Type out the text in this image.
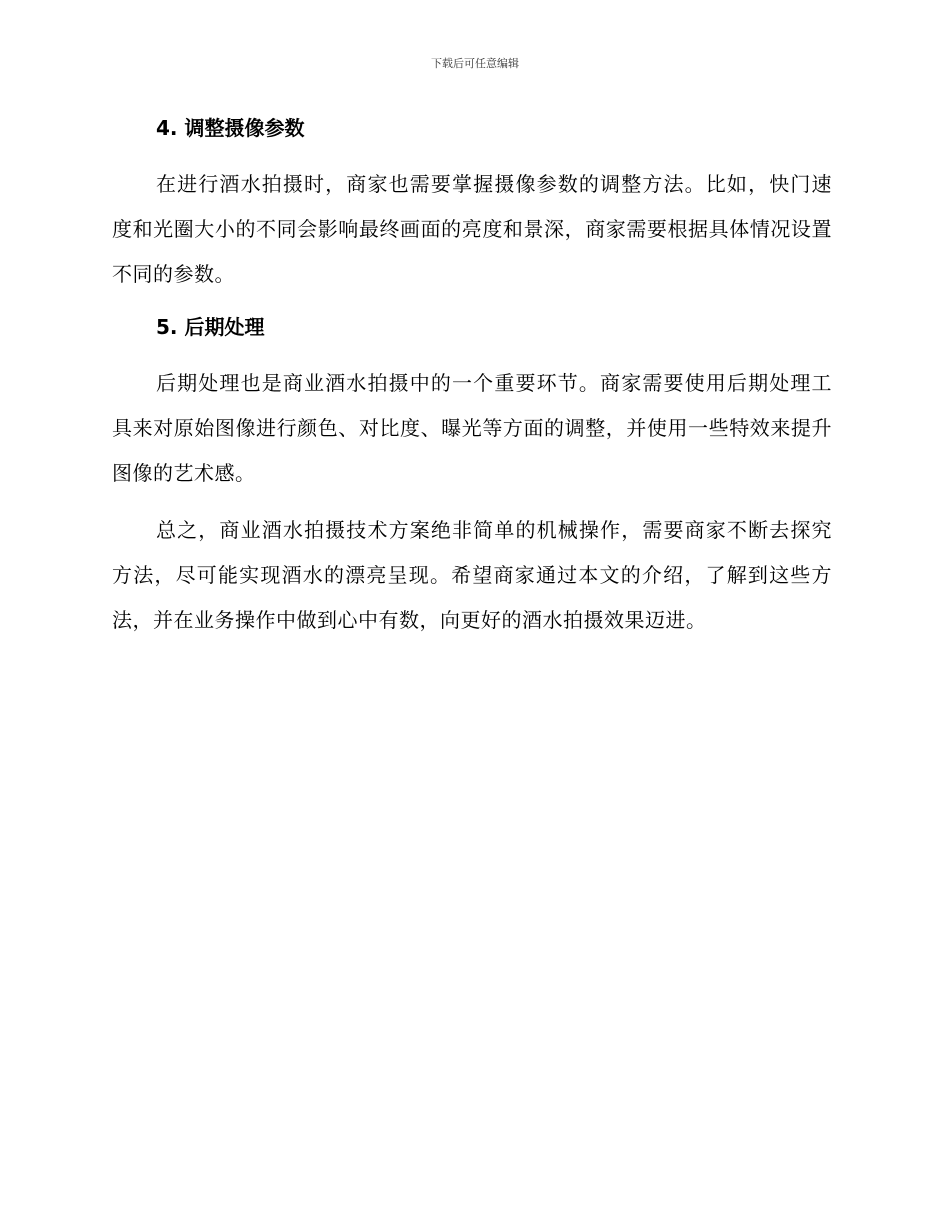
下载后可任意编辑
4. 调整摄像参数

在进行酒水拍摄时，商家也需要掌握摄像参数的调整方法。比如，快门速度和光圈大小的不同会影响最终画面的亮度和景深，商家需要根据具体情况设置不同的参数。

5. 后期处理

后期处理也是商业酒水拍摄中的一个重要环节。商家需要使用后期处理工具来对原始图像进行颜色、对比度、曝光等方面的调整，并使用一些特效来提升图像的艺术感。

总之，商业酒水拍摄技术方案绝非简单的机械操作，需要商家不断去探究方法，尽可能实现酒水的漂亮呈现。希望商家通过本文的介绍，了解到这些方法，并在业务操作中做到心中有数，向更好的酒水拍摄效果迈进。
